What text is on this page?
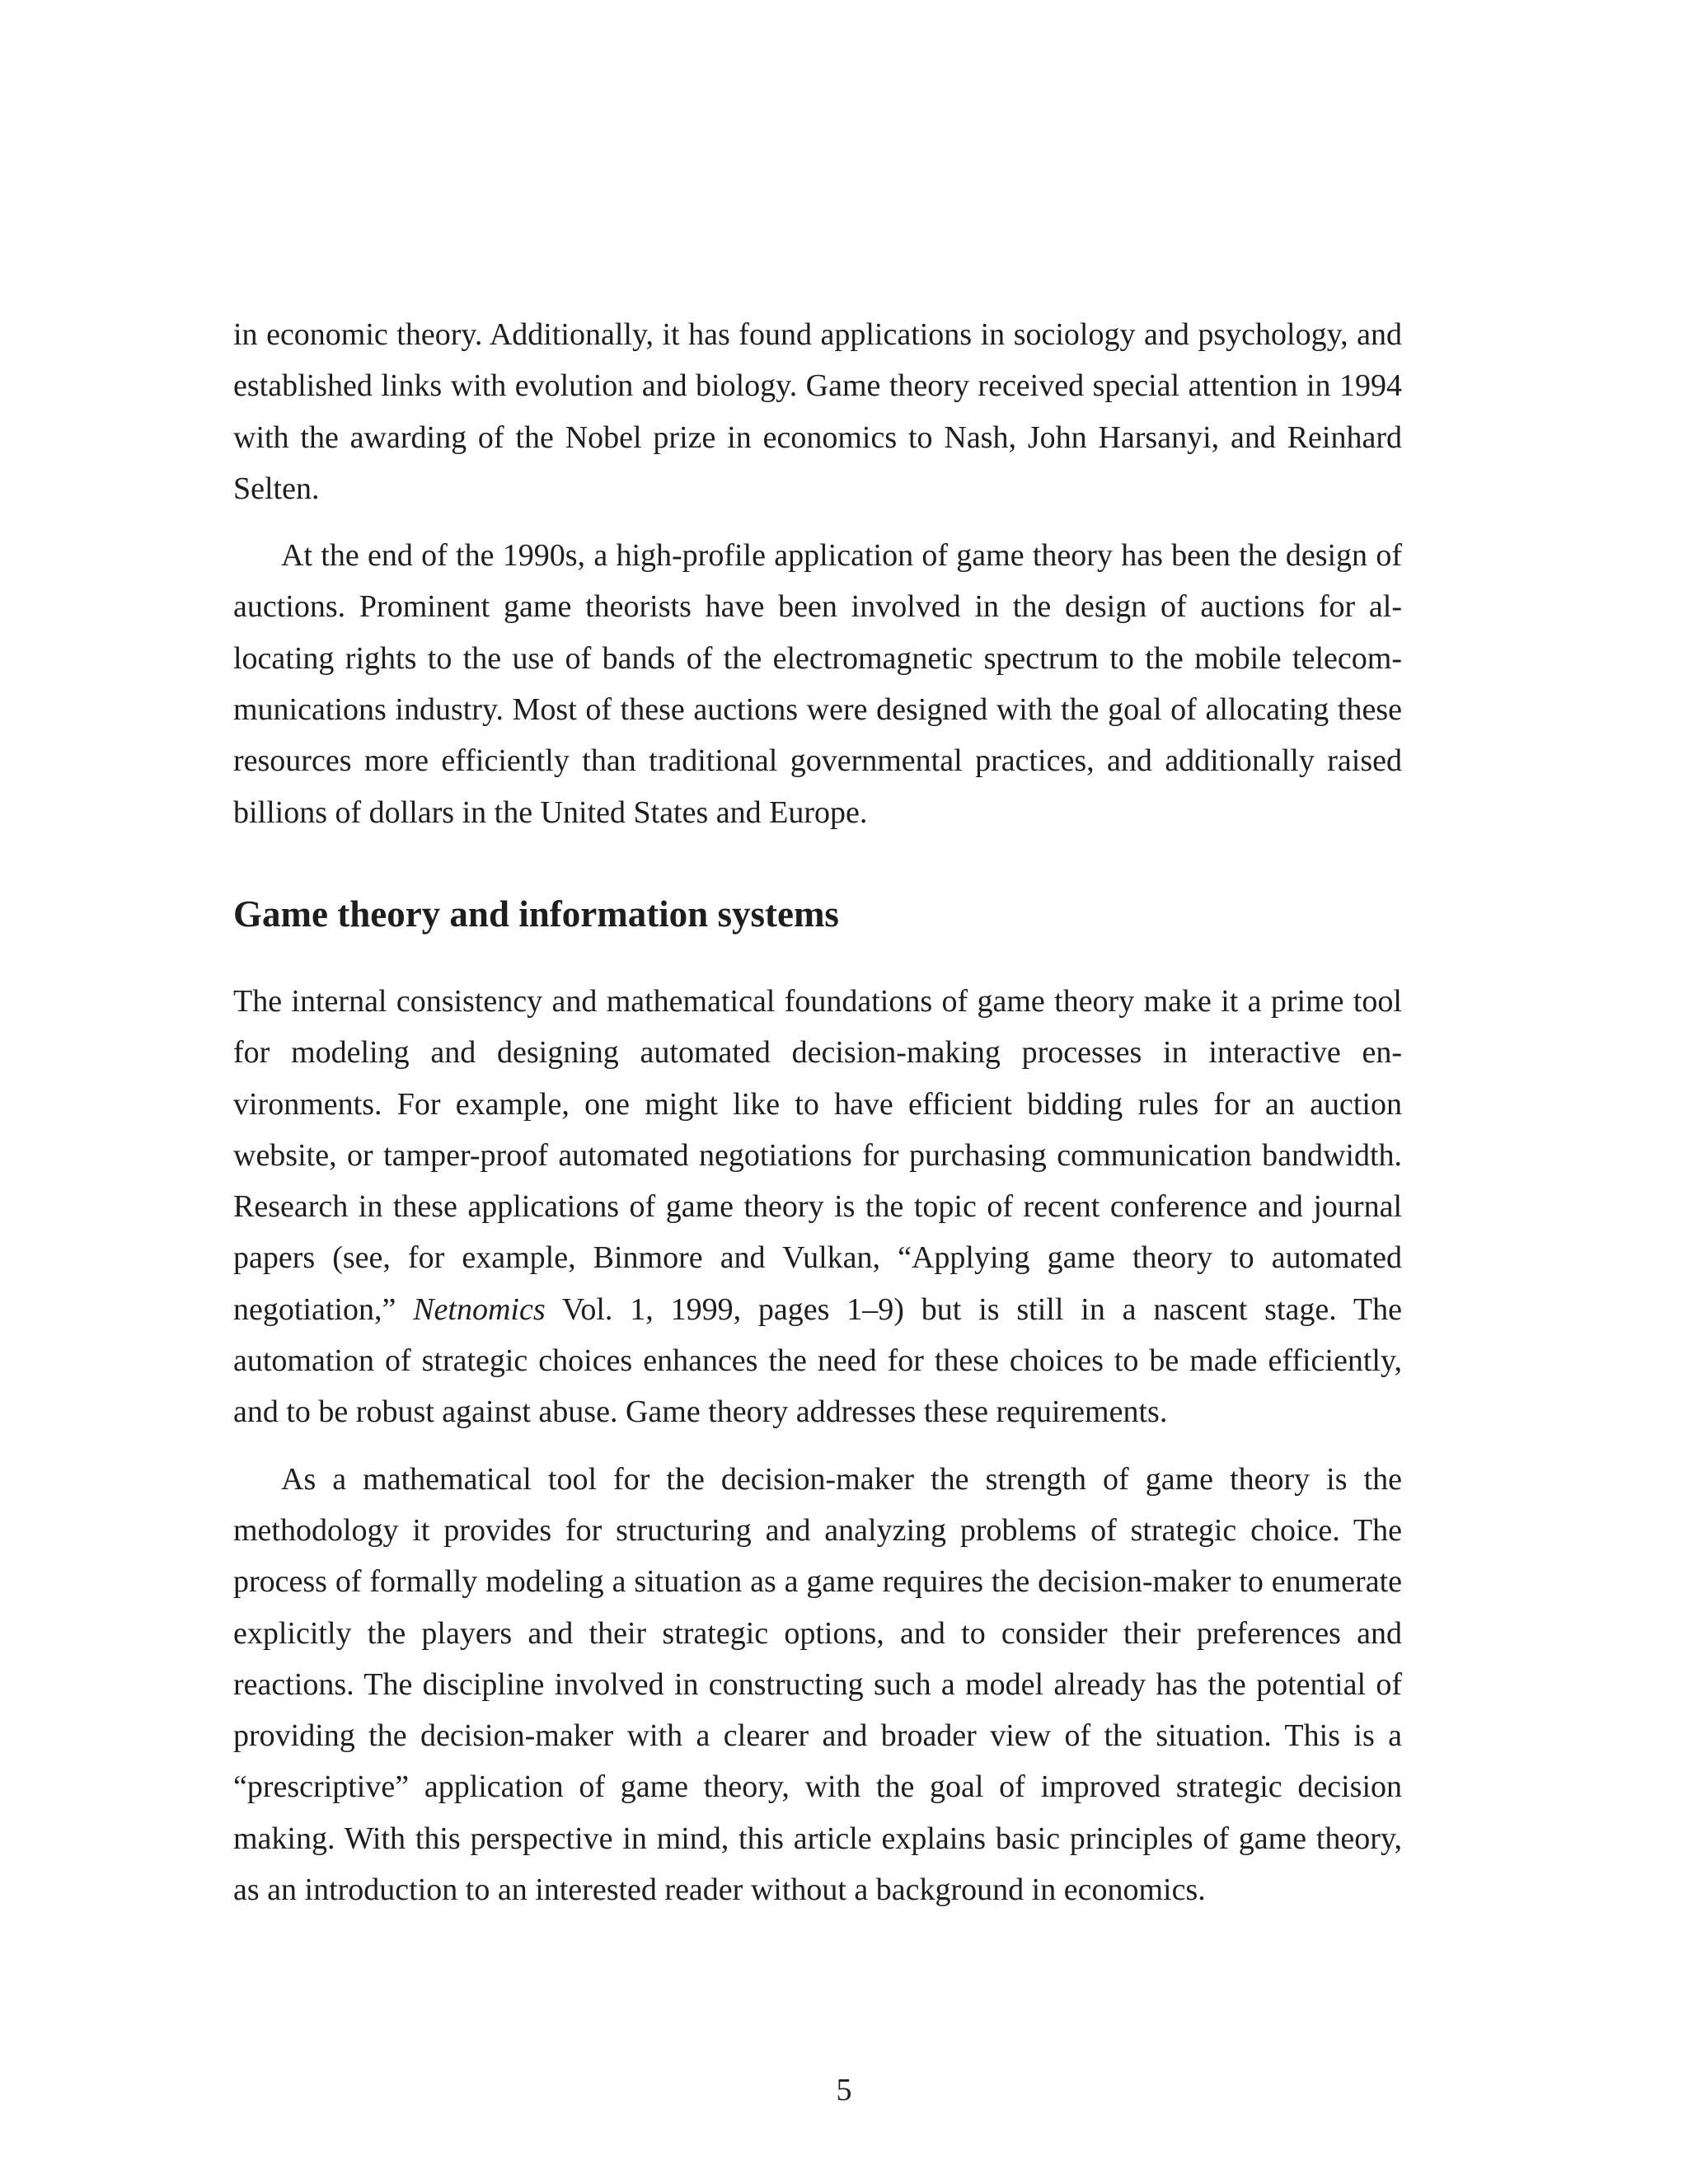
in economic theory. Additionally, it has found applications in sociology and psychology, and established links with evolution and biology. Game theory received special attention in 1994 with the awarding of the Nobel prize in economics to Nash, John Harsanyi, and Reinhard Selten.

At the end of the 1990s, a high-profile application of game theory has been the design of auctions. Prominent game theorists have been involved in the design of auctions for allocating rights to the use of bands of the electromagnetic spectrum to the mobile telecommunications industry. Most of these auctions were designed with the goal of allocating these resources more efficiently than traditional governmental practices, and additionally raised billions of dollars in the United States and Europe.

Game theory and information systems

The internal consistency and mathematical foundations of game theory make it a prime tool for modeling and designing automated decision-making processes in interactive environments. For example, one might like to have efficient bidding rules for an auction website, or tamper-proof automated negotiations for purchasing communication bandwidth. Research in these applications of game theory is the topic of recent conference and journal papers (see, for example, Binmore and Vulkan, “Applying game theory to automated negotiation,” Netnomics Vol. 1, 1999, pages 1–9) but is still in a nascent stage. The automation of strategic choices enhances the need for these choices to be made efficiently, and to be robust against abuse. Game theory addresses these requirements.

As a mathematical tool for the decision-maker the strength of game theory is the methodology it provides for structuring and analyzing problems of strategic choice. The process of formally modeling a situation as a game requires the decision-maker to enumerate explicitly the players and their strategic options, and to consider their preferences and reactions. The discipline involved in constructing such a model already has the potential of providing the decision-maker with a clearer and broader view of the situation. This is a “prescriptive” application of game theory, with the goal of improved strategic decision making. With this perspective in mind, this article explains basic principles of game theory, as an introduction to an interested reader without a background in economics.

5
